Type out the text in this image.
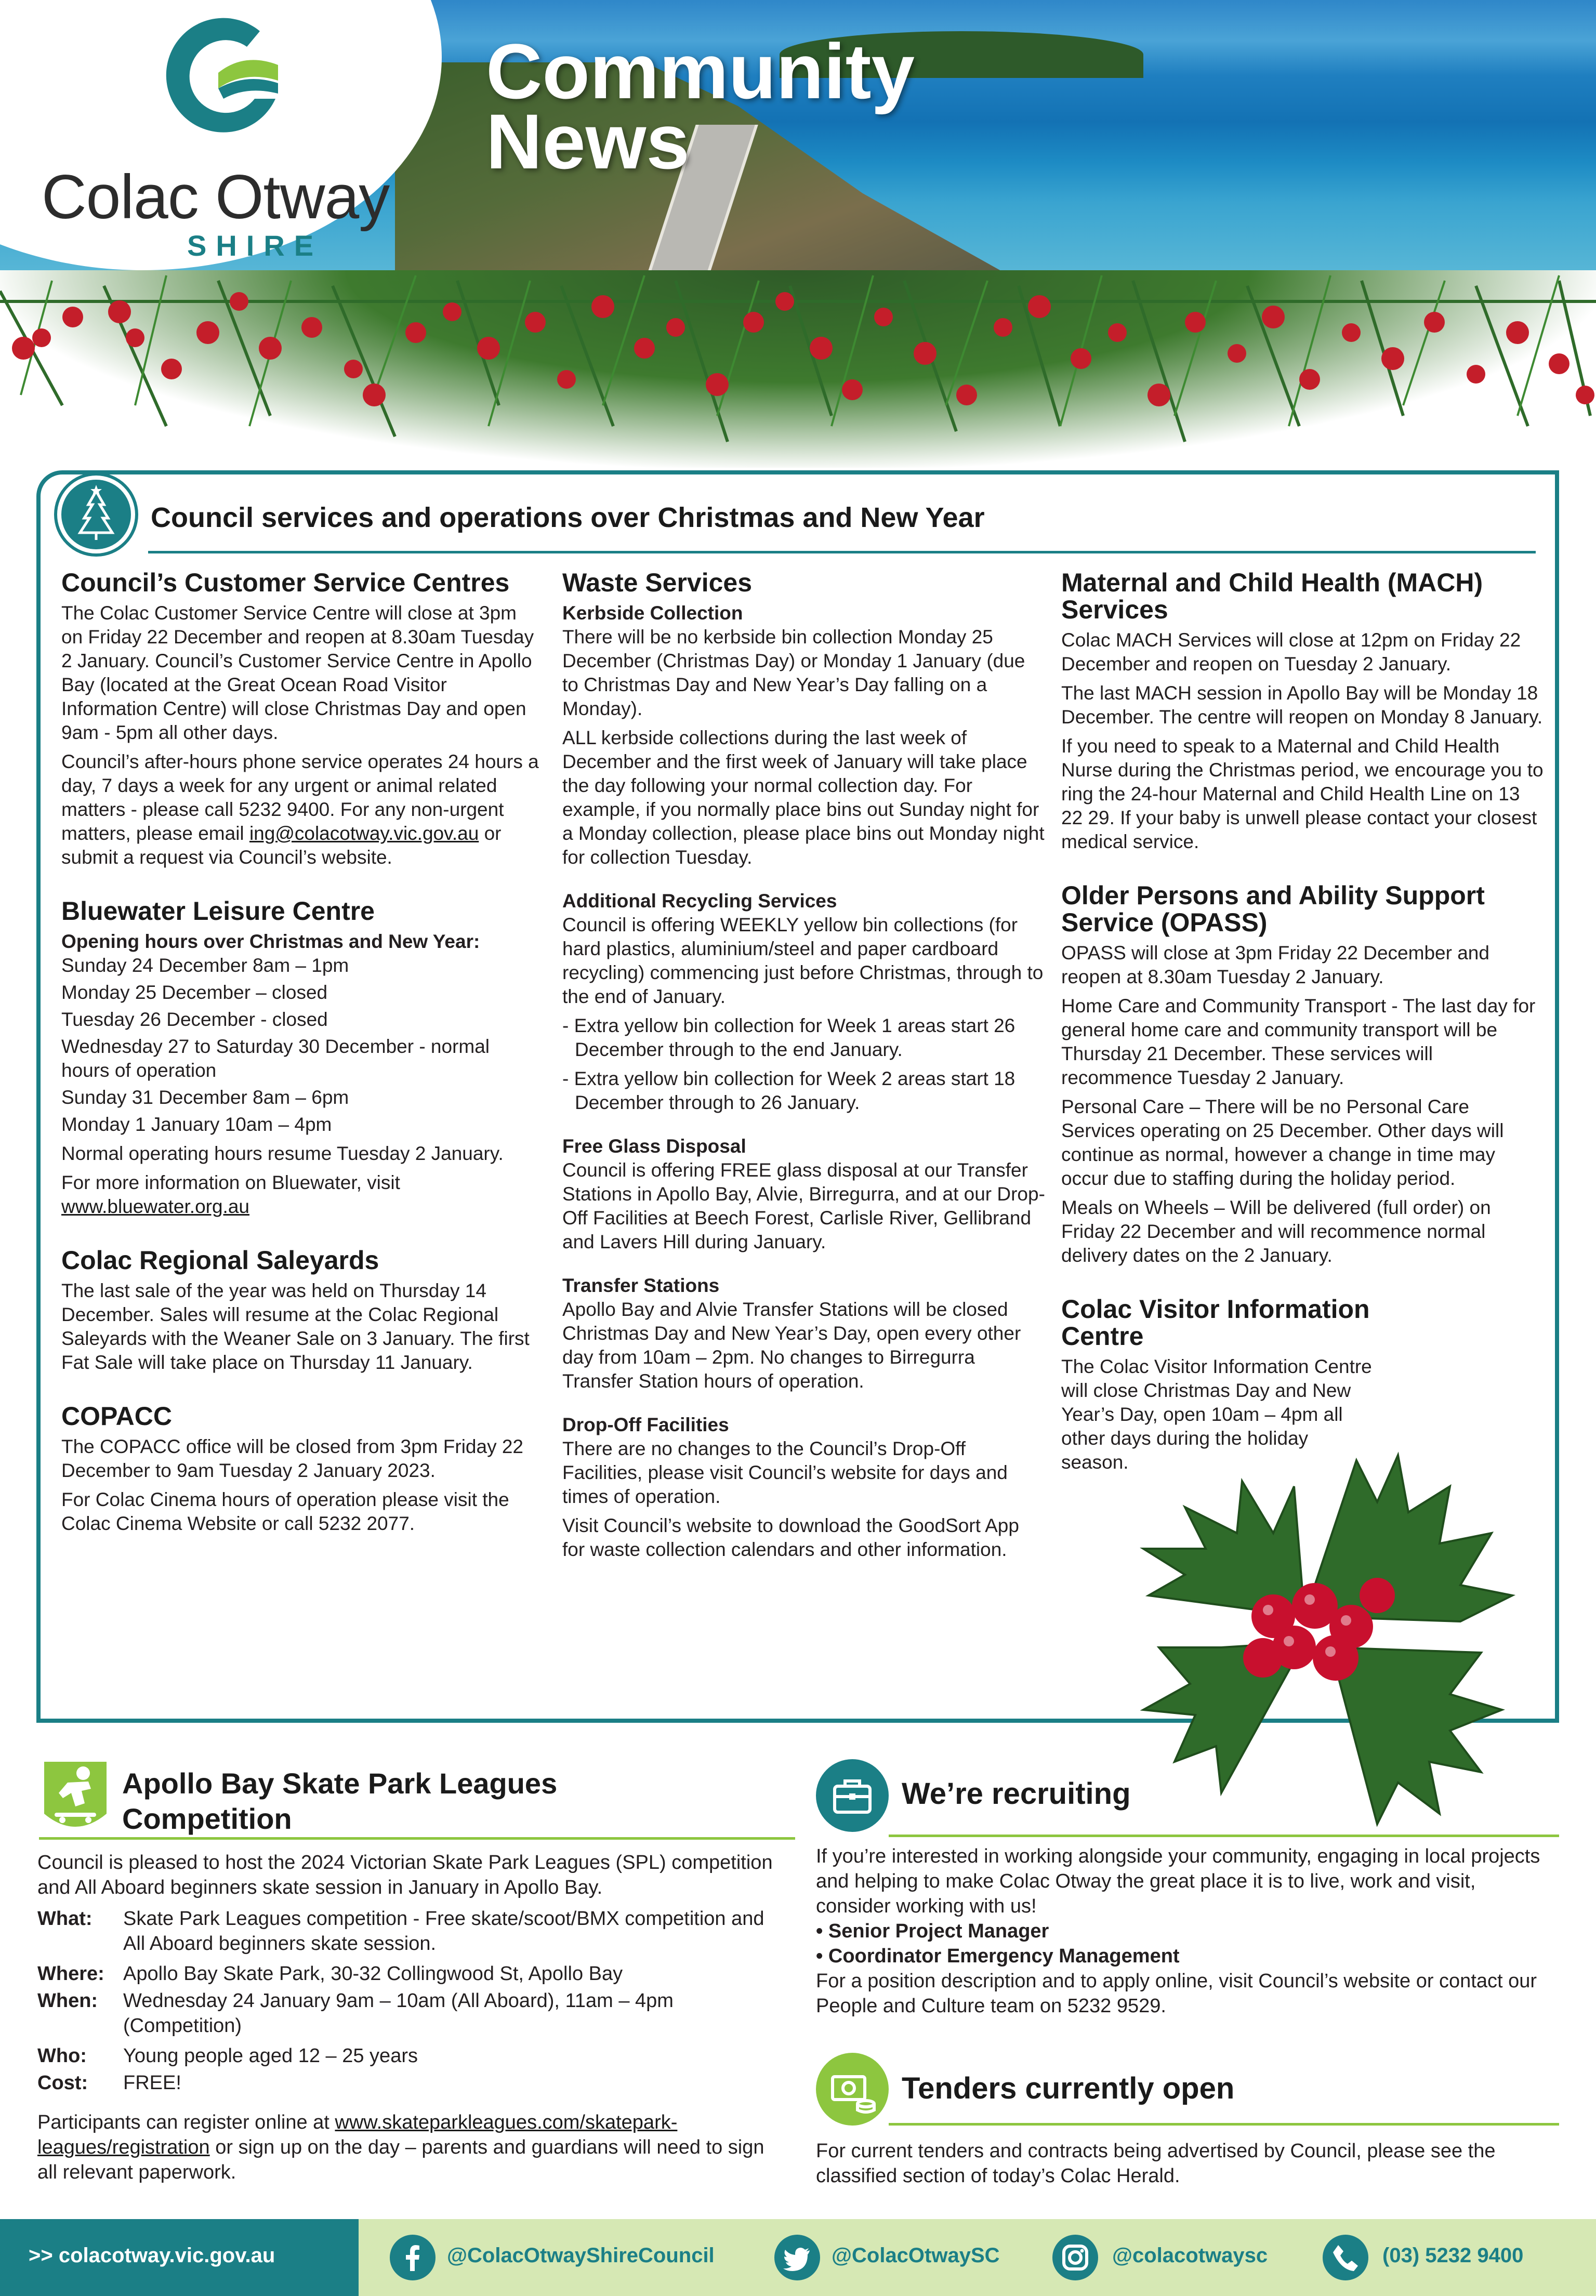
Colac Otway
SHIRE
Community
News
Council services and operations over Christmas and New Year
Council’s Customer Service Centres

The Colac Customer Service Centre will close at 3pm on Friday 22 December and reopen at 8.30am Tuesday 2 January. Council’s Customer Service Centre in Apollo Bay (located at the Great Ocean Road Visitor Information Centre) will close Christmas Day and open 9am - 5pm all other days.

Council’s after-hours phone service operates 24 hours a day, 7 days a week for any urgent or animal related matters - please call 5232 9400. For any non-urgent matters, please email ing@colacotway.vic.gov.au or submit a request via Council’s website.

Bluewater Leisure Centre
Opening hours over Christmas and New Year:

Sunday 24 December 8am – 1pm

Monday 25 December – closed

Tuesday 26 December - closed

Wednesday 27 to Saturday 30 December - normal hours of operation

Sunday 31 December 8am – 6pm

Monday 1 January 10am – 4pm

Normal operating hours resume Tuesday 2 January.

For more information on Bluewater, visit
www.bluewater.org.au

Colac Regional Saleyards

The last sale of the year was held on Thursday 14 December. Sales will resume at the Colac Regional Saleyards with the Weaner Sale on 3 January. The first Fat Sale will take place on Thursday 11 January.

COPACC

The COPACC office will be closed from 3pm Friday 22 December to 9am Tuesday 2 January 2023.

For Colac Cinema hours of operation please visit the Colac Cinema Website or call 5232 2077.

Waste Services
Kerbside Collection

There will be no kerbside bin collection Monday 25 December (Christmas Day) or Monday 1 January (due to Christmas Day and New Year’s Day falling on a Monday).

ALL kerbside collections during the last week of December and the first week of January will take place the day following your normal collection day. For example, if you normally place bins out Sunday night for a Monday collection, please place bins out Monday night for collection Tuesday.

Additional Recycling Services

Council is offering WEEKLY yellow bin collections (for hard plastics, aluminium/steel and paper cardboard recycling) commencing just before Christmas, through to the end of January.

- Extra yellow bin collection for Week 1 areas start 26 December through to the end January.
- Extra yellow bin collection for Week 2 areas start 18 December through to 26 January.
Free Glass Disposal

Council is offering FREE glass disposal at our Transfer Stations in Apollo Bay, Alvie, Birregurra, and at our Drop-Off Facilities at Beech Forest, Carlisle River, Gellibrand and Lavers Hill during January.

Transfer Stations

Apollo Bay and Alvie Transfer Stations will be closed Christmas Day and New Year’s Day, open every other day from 10am – 2pm. No changes to Birregurra Transfer Station hours of operation.

Drop-Off Facilities

There are no changes to the Council’s Drop-Off Facilities, please visit Council’s website for days and times of operation.

Visit Council’s website to download the GoodSort App for waste collection calendars and other information.

Maternal and Child Health (MACH) Services

Colac MACH Services will close at 12pm on Friday 22 December and reopen on Tuesday 2 January.

The last MACH session in Apollo Bay will be Monday 18 December. The centre will reopen on Monday 8 January.

If you need to speak to a Maternal and Child Health Nurse during the Christmas period, we encourage you to ring the 24-hour Maternal and Child Health Line on 13 22 29. If your baby is unwell please contact your closest medical service.

Older Persons and Ability Support Service (OPASS)

OPASS will close at 3pm Friday 22 December and reopen at 8.30am Tuesday 2 January.

Home Care and Community Transport - The last day for general home care and community transport will be Thursday 21 December. These services will recommence Tuesday 2 January.

Personal Care – There will be no Personal Care Services operating on 25 December. Other days will continue as normal, however a change in time may occur due to staffing during the holiday period.

Meals on Wheels – Will be delivered (full order) on Friday 22 December and will recommence normal delivery dates on the 2 January.

Colac Visitor Information Centre

The Colac Visitor Information Centre will close Christmas Day and New Year’s Day, open 10am – 4pm all other days during the holiday season.

Apollo Bay Skate Park Leagues Competition
Council is pleased to host the 2024 Victorian Skate Park Leagues (SPL) competition and All Aboard beginners skate session in January in Apollo Bay.
What: Skate Park Leagues competition - Free skate/scoot/BMX competition and All Aboard beginners skate session.
Where: Apollo Bay Skate Park, 30-32 Collingwood St, Apollo Bay
When: Wednesday 24 January 9am – 10am (All Aboard), 11am – 4pm (Competition)
Who: Young people aged 12 – 25 years
Cost: FREE!
Participants can register online at www.skateparkleagues.com/skatepark-leagues/registration or sign up on the day – parents and guardians will need to sign all relevant paperwork.
We’re recruiting

If you’re interested in working alongside your community, engaging in local projects and helping to make Colac Otway the great place it is to live, work and visit, consider working with us!

• Senior Project Manager

• Coordinator Emergency Management

For a position description and to apply online, visit Council’s website or contact our People and Culture team on 5232 9529.

Tenders currently open
For current tenders and contracts being advertised by Council, please see the classified section of today’s Colac Herald.
>> colacotway.vic.gov.au	@ColacOtwayShireCouncil	@ColacOtwaySC	@colacotwaysc	(03) 5232 9400
